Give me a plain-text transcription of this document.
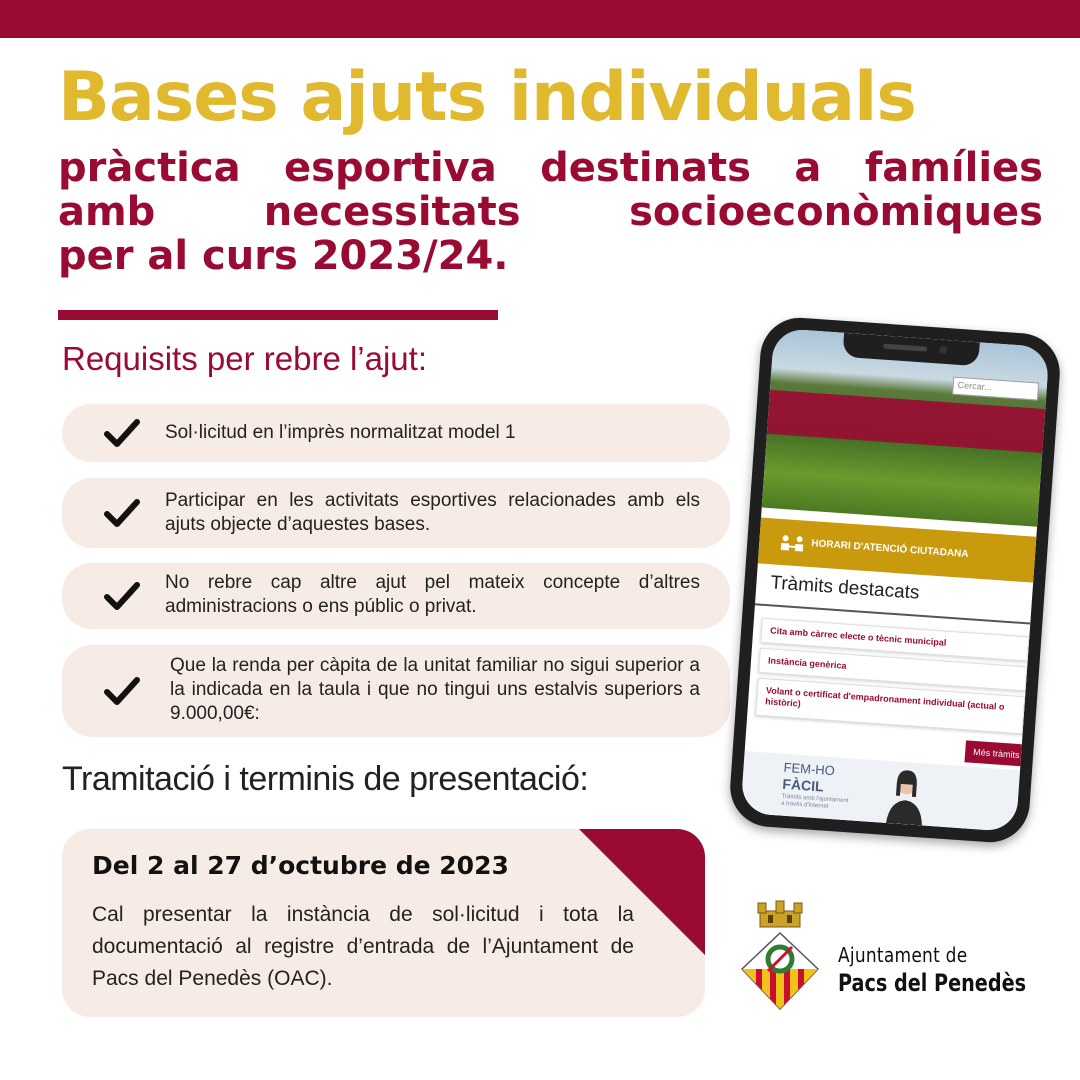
Bases ajuts individuals
pràctica esportiva destinats a famílies
amb necessitats socioeconòmiques
per al curs 2023/24.
Requisits per rebre l’ajut:
Sol·licitud en l’imprès normalitzat model 1
Participar en les activitats esportives relacionades amb els ajuts objecte d’aquestes bases.
No rebre cap altre ajut pel mateix concepte d’altres administracions o ens públic o privat.
Que la renda per càpita de la unitat familiar no sigui superior a la indicada en la taula i que no tingui uns estalvis superiors a 9.000,00€:
Tramitació i terminis de presentació:
Del 2 al 27 d’octubre de 2023
Cal presentar la instància de sol·licitud i tota la documentació al registre d’entrada de l’Ajuntament de Pacs del Penedès (OAC).
Cercar...
HORARI D'ATENCIÓ CIUTADANA
Tràmits destacats
Cita amb càrrec electe o tècnic municipal
Instància genèrica
Volant o certificat d'empadronament individual (actual o històric)
Més tràmits
FEM-HO
FÀCIL
Tràmits amb l'ajuntament a través d'internet
Ajuntament de
Pacs del Penedès
